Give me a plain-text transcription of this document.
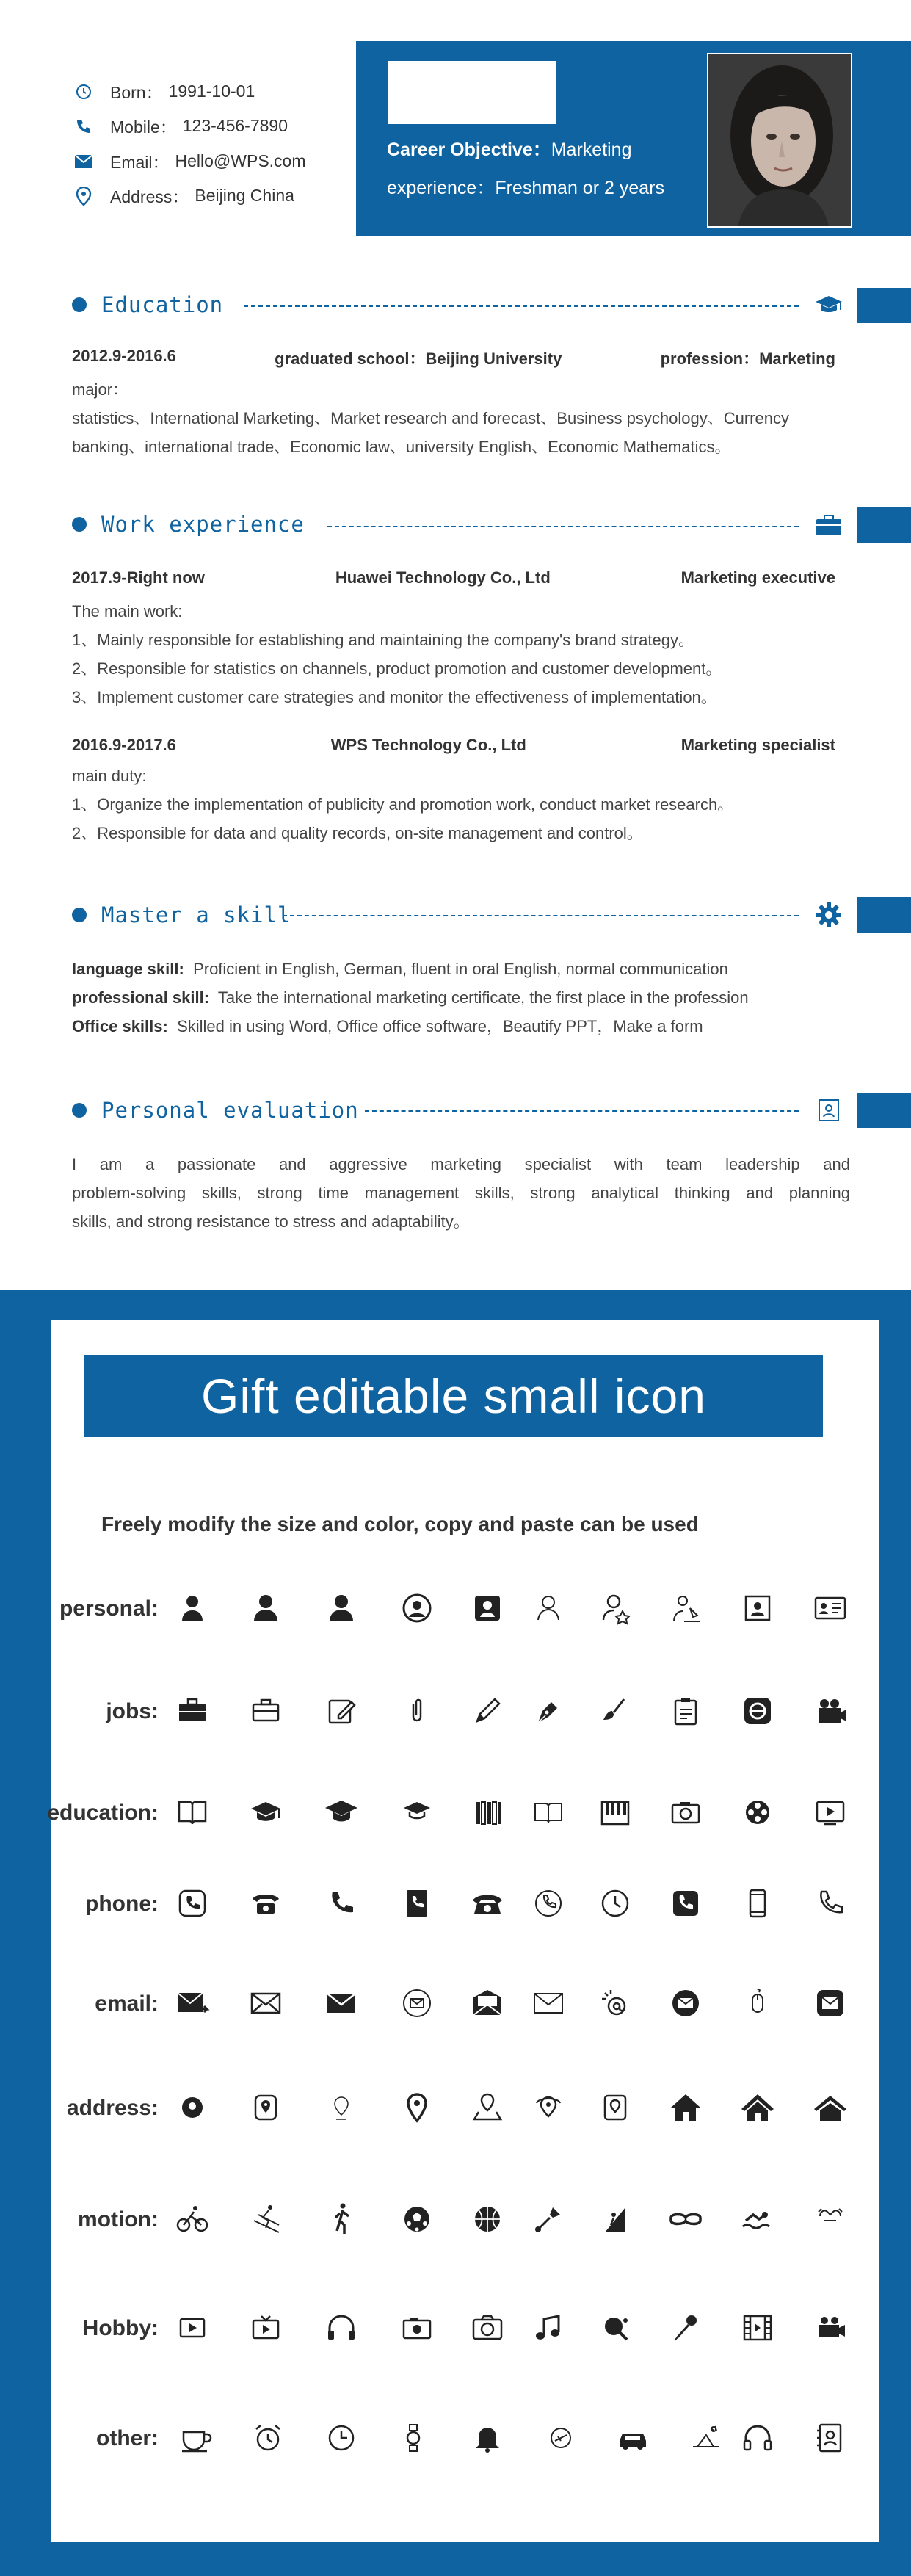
Born： 1991-10-01
Mobile： 123-456-7890
Email： Hello@WPS.com
Address： Beijing China
Career Objective：Marketing
experience：Freshman or 2 years
Education
2012.9-2016.6	graduated school：Beijing University	profession：Marketing
major：
statistics、International Marketing、Market research and forecast、Business psychology、Currency
banking、international trade、Economic law、university English、Economic Mathematics。
Work experience
2017.9-Right now	Huawei Technology Co., Ltd	Marketing executive
The main work:
1、Mainly responsible for establishing and maintaining the company's brand strategy。
2、Responsible for statistics on channels, product promotion and customer development。
3、Implement customer care strategies and monitor the effectiveness of implementation。
2016.9-2017.6	WPS Technology Co., Ltd	Marketing specialist
main duty:
1、Organize the implementation of publicity and promotion work, conduct market research。
2、Responsible for data and quality records, on-site management and control。
Master a skill
language skill: Proficient in English, German, fluent in oral English, normal communication
professional skill: Take the international marketing certificate, the first place in the profession
Office skills: Skilled in using Word, Office office software，Beautify PPT，Make a form
Personal evaluation
I am a passionate and aggressive marketing specialist with team leadership and
problem-solving skills, strong time management skills, strong analytical thinking and planning
skills, and strong resistance to stress and adaptability。
Gift editable small icon
Freely modify the size and color, copy and paste can be used
personal:
jobs:
education:
phone:
email:
address:
motion:
Hobby:
other:
